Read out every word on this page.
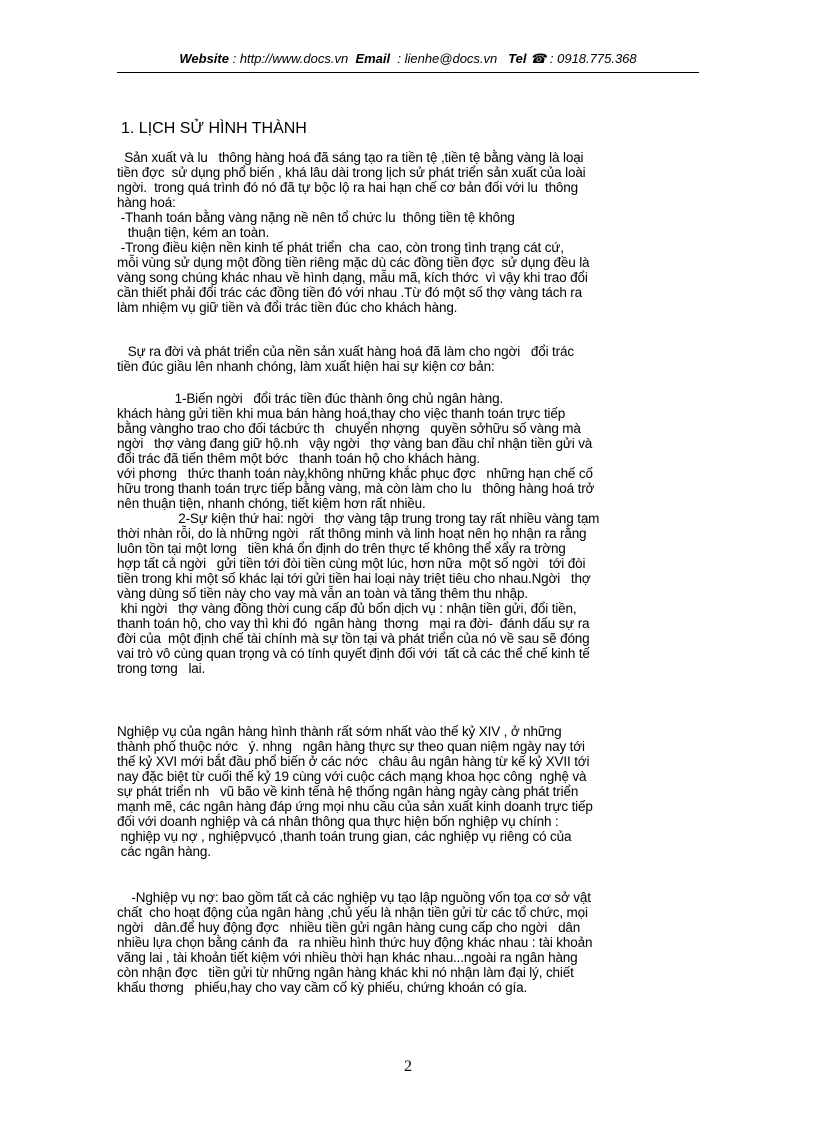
Website : http://www.docs.vn Email : lienhe@docs.vn Tel ☎ : 0918.775.368
1. LỊCH SỬ HÌNH THÀNH

Sản xuất và lu   thông hàng hoá đã sáng tạo ra tiền tệ ,tiền tệ bằng vàng là loại
tiền đợc  sử dụng phổ biến , khá lâu dài trong lịch sử phát triển sản xuất của loài
ngời.  trong quá trình đó nó đã tự bộc lộ ra hai hạn chế cơ bản đối với lu  thông
hàng hoá:
-Thanh toán bằng vàng nặng nề nên tổ chức lu  thông tiền tệ không
thuận tiện, kém an toàn.
-Trong điều kiện nền kinh tế phát triển  cha  cao, còn trong tình trạng cát cứ,
mỗi vùng sử dụng một đồng tiền riêng mặc dù các đồng tiền đợc  sử dụng đều là
vàng song chúng khác nhau về hình dạng, mẫu mã, kích thớc  vì vậy khi trao đổi
cần thiết phải đổi trác các đồng tiền đó với nhau .Từ đó một số thợ vàng tách ra
làm nhiệm vụ giữ tiền và đổi trác tiền đúc cho khách hàng.

Sự ra đời và phát triển của nền sản xuất hàng hoá đã làm cho ngời   đổi trác
tiền đúc giầu lên nhanh chóng, làm xuất hiện hai sự kiện cơ bản:

1-Biến ngời   đổi trác tiền đúc thành ông chủ ngân hàng.
khách hàng gửi tiền khi mua bán hàng hoá,thay cho việc thanh toán trực tiếp
bằng vàngho trao cho đối tácbức th   chuyển nhợng   quyền sởhữu số vàng mà
ngời   thợ vàng đang giữ hộ.nh   vậy ngời   thợ vàng ban đầu chỉ nhận tiền gửi và
đổi trác đã tiến thêm một bớc   thanh toán hộ cho khách hàng.
với phơng   thức thanh toán này,không những khắc phục đợc   những hạn chế cố
hữu trong thanh toán trực tiếp bằng vàng, mà còn làm cho lu   thông hàng hoá trở
nên thuận tiện, nhanh chóng, tiết kiệm hơn rất nhiều.
2-Sự kiện thứ hai: ngời   thợ vàng tập trung trong tay rất nhiều vàng tạm
thời nhàn rỗi, do là những ngời   rất thông minh và linh hoạt nên họ nhận ra rằng
luôn tồn tại một lơng   tiền khá ổn định do trên thực tế không thể xẩy ra trờng
hợp tất cả ngời   gửi tiền tới đòi tiền cùng một lúc, hơn nữa  một số ngời   tới đòi
tiền trong khi một số khác lại tới gửi tiền hai loại này triệt tiêu cho nhau.Ngời   thợ
vàng dùng số tiền này cho vay mà vẫn an toàn và tăng thêm thu nhập.
khi ngời   thợ vàng đồng thời cung cấp đủ bốn dịch vụ : nhận tiền gửi, đổi tiền,
thanh toán hộ, cho vay thì khi đó  ngân hàng  thơng   mại ra đời-  đánh dấu sự ra
đời của  một định chế tài chính mà sự tồn tại và phát triển của nó về sau sẽ đóng
vai trò vô cùng quan trọng và có tính quyết định đối với  tất cả các thể chế kinh tế
trong tơng   lai.

Nghiệp vụ của ngân hàng hình thành rất sớm nhất vào thế kỷ XIV , ở những
thành phố thuộc nớc   ý. nhng   ngân hàng thực sự theo quan niệm ngày nay tới
thế kỷ XVI mới bắt đầu phổ biến ở các nớc   châu âu ngân hàng từ kế kỷ XVII tới
nay đặc biệt từ cuối thế kỷ 19 cùng với cuộc cách mạng khoa học công  nghệ và
sự phát triển nh   vũ bão về kinh tếnà hệ thống ngân hàng ngày càng phát triển
mạnh mẽ, các ngân hàng đáp ứng mọi nhu cầu của sản xuất kinh doanh trực tiếp
đối với doanh nghiệp và cá nhân thông qua thực hiện bốn nghiệp vụ chính :
nghiệp vụ nợ , nghiệpvụcó ,thanh toán trung gian, các nghiệp vụ riêng có của
các ngân hàng.

-Nghiệp vụ nợ: bao gồm tất cả các nghiệp vụ tạo lập nguồng vốn tọa cơ sở vật
chất  cho hoạt động của ngân hàng ,chủ yếu là nhận tiền gửi từ các tổ chức, mọi
ngời   dân.để huy động đợc   nhiều tiền gửi ngân hàng cung cấp cho ngời   dân
nhiều lựa chọn bằng cánh đa   ra nhiều hình thức huy động khác nhau : tài khoản
vãng lai , tài khoản tiết kiệm với nhiều thời hạn khác nhau...ngoài ra ngân hàng
còn nhận đợc   tiền gửi từ những ngân hàng khác khi nó nhận làm đại lý, chiết
khấu thơng   phiếu,hay cho vay cầm cố kỳ phiếu, chứng khoán có gía.

2
